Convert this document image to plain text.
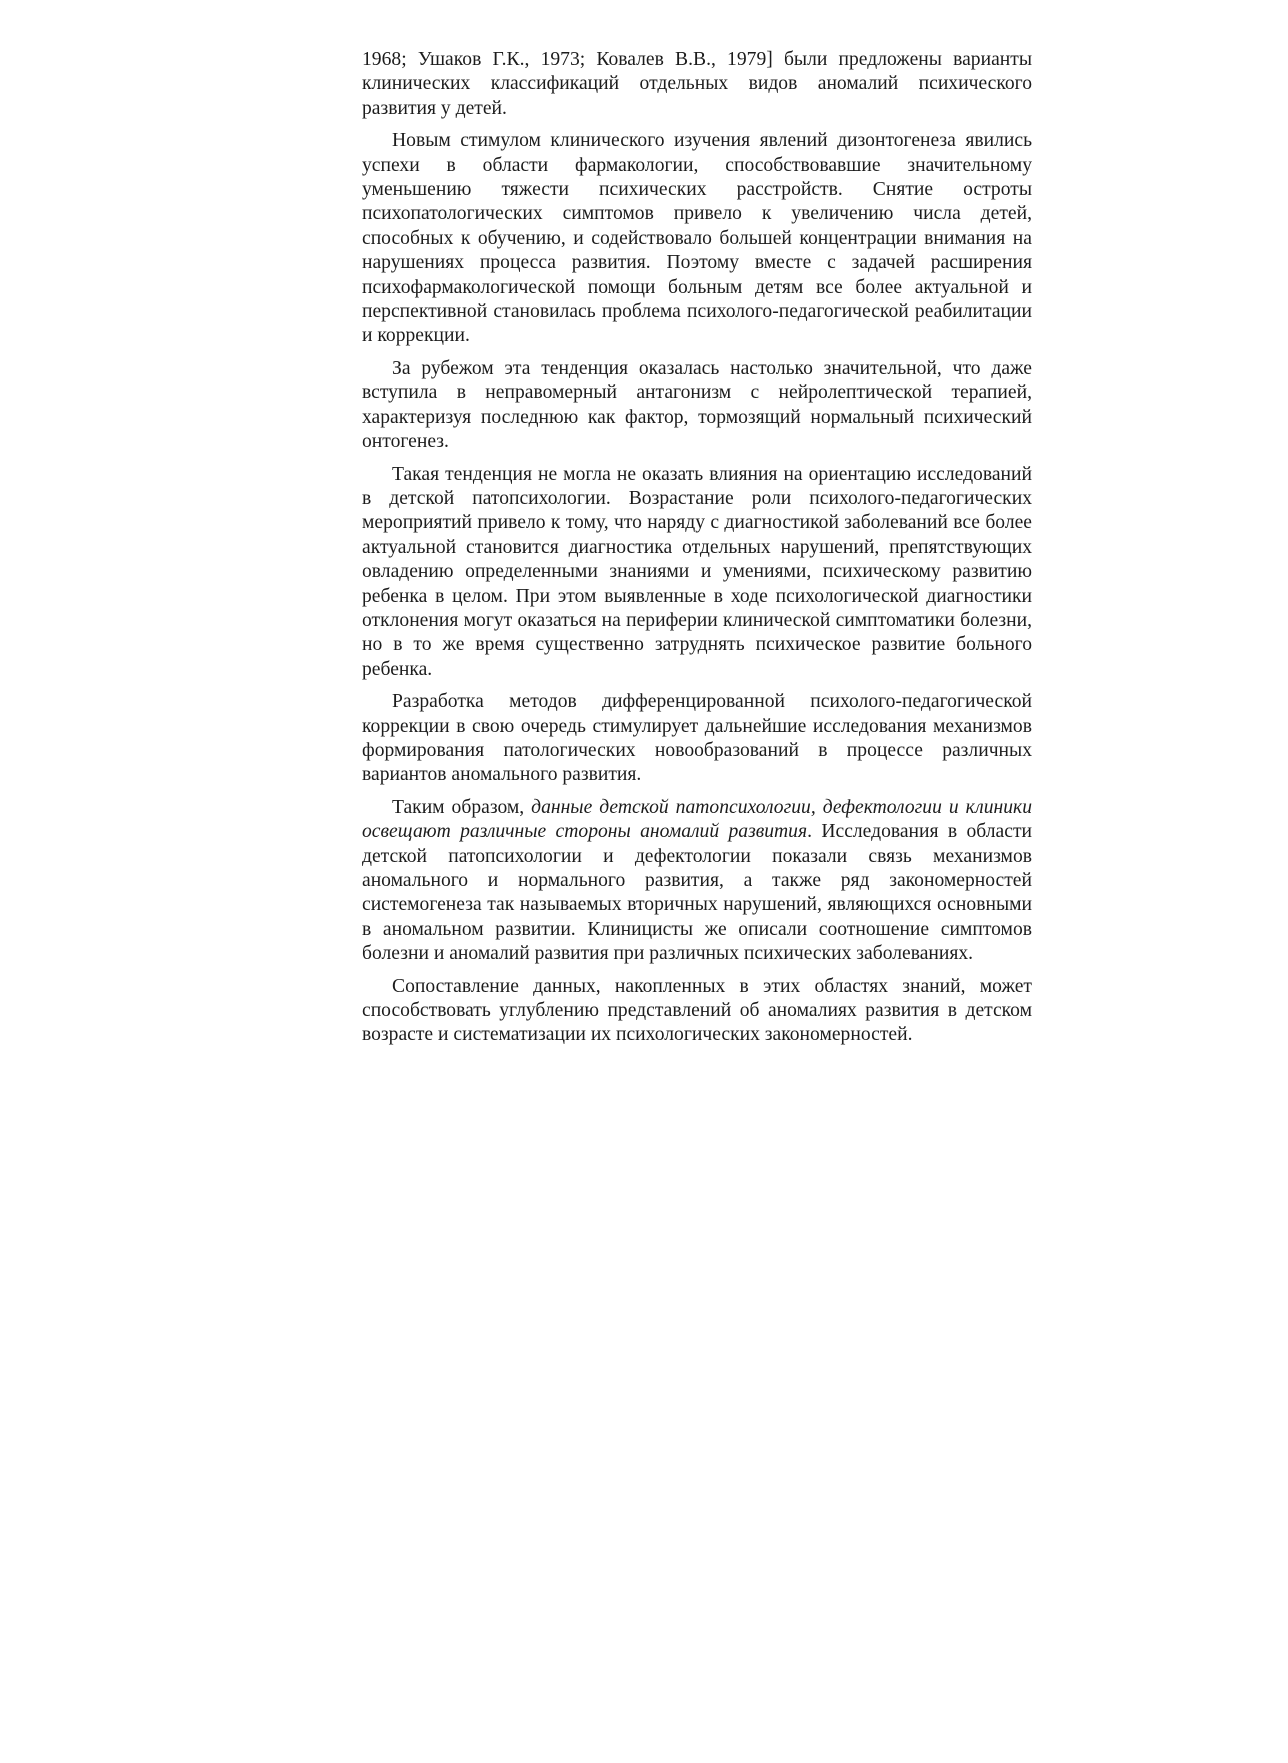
1968; Ушаков Г.К., 1973; Ковалев В.В., 1979] были предложены варианты клинических классификаций отдельных видов аномалий психического развития у детей.

Новым стимулом клинического изучения явлений дизонтогенеза явились успехи в области фармакологии, способствовавшие значительному уменьшению тяжести психических расстройств. Снятие остроты психопатологических симптомов привело к увеличению числа детей, способных к обучению, и содействовало большей концентрации внимания на нарушениях процесса развития. Поэтому вместе с задачей расширения психофармакологической помощи больным детям все более актуальной и перспективной становилась проблема психолого-педагогической реабилитации и коррекции.

За рубежом эта тенденция оказалась настолько значительной, что даже вступила в неправомерный антагонизм с нейролептической терапией, характеризуя последнюю как фактор, тормозящий нормальный психический онтогенез.

Такая тенденция не могла не оказать влияния на ориентацию исследований в детской патопсихологии. Возрастание роли психолого-педагогических мероприятий привело к тому, что наряду с диагностикой заболеваний все более актуальной становится диагностика отдельных нарушений, препятствующих овладению определенными знаниями и умениями, психическому развитию ребенка в целом. При этом выявленные в ходе психологической диагностики отклонения могут оказаться на периферии клинической симптоматики болезни, но в то же время существенно затруднять психическое развитие больного ребенка.

Разработка методов дифференцированной психолого-педагогической коррекции в свою очередь стимулирует дальнейшие исследования механизмов формирования патологических новообразований в процессе различных вариантов аномального развития.

Таким образом, данные детской патопсихологии, дефектологии и клиники освещают различные стороны аномалий развития. Исследования в области детской патопсихологии и дефектологии показали связь механизмов аномального и нормального развития, а также ряд закономерностей системогенеза так называемых вторичных нарушений, являющихся основными в аномальном развитии. Клиницисты же описали соотношение симптомов болезни и аномалий развития при различных психических заболеваниях.

Сопоставление данных, накопленных в этих областях знаний, может способствовать углублению представлений об аномалиях развития в детском возрасте и систематизации их психологических закономерностей.
